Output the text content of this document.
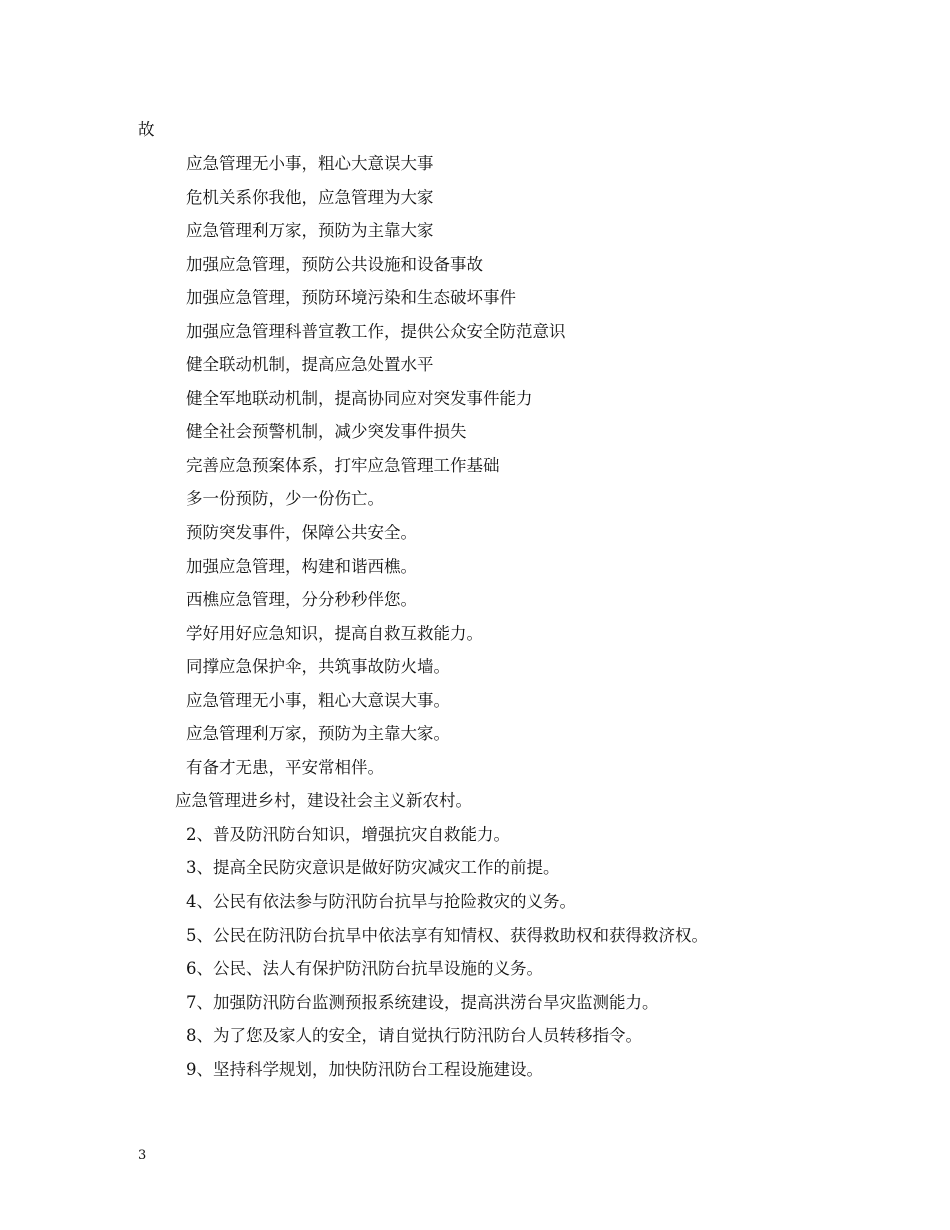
故
应急管理无小事，粗心大意误大事
危机关系你我他，应急管理为大家
应急管理利万家，预防为主靠大家
加强应急管理，预防公共设施和设备事故
加强应急管理，预防环境污染和生态破坏事件
加强应急管理科普宣教工作，提供公众安全防范意识
健全联动机制，提高应急处置水平
健全军地联动机制，提高协同应对突发事件能力
健全社会预警机制，减少突发事件损失
完善应急预案体系，打牢应急管理工作基础
多一份预防，少一份伤亡。
预防突发事件，保障公共安全。
加强应急管理，构建和谐西樵。
西樵应急管理，分分秒秒伴您。
学好用好应急知识，提高自救互救能力。
同撑应急保护伞，共筑事故防火墙。
应急管理无小事，粗心大意误大事。
应急管理利万家，预防为主靠大家。
有备才无患，平安常相伴。
应急管理进乡村，建设社会主义新农村。
2、普及防汛防台知识，增强抗灾自救能力。
3、提高全民防灾意识是做好防灾减灾工作的前提。
4、公民有依法参与防汛防台抗旱与抢险救灾的义务。
5、公民在防汛防台抗旱中依法享有知情权、获得救助权和获得救济权。
6、公民、法人有保护防汛防台抗旱设施的义务。
7、加强防汛防台监测预报系统建设，提高洪涝台旱灾监测能力。
8、为了您及家人的安全，请自觉执行防汛防台人员转移指令。
9、坚持科学规划，加快防汛防台工程设施建设。
3
